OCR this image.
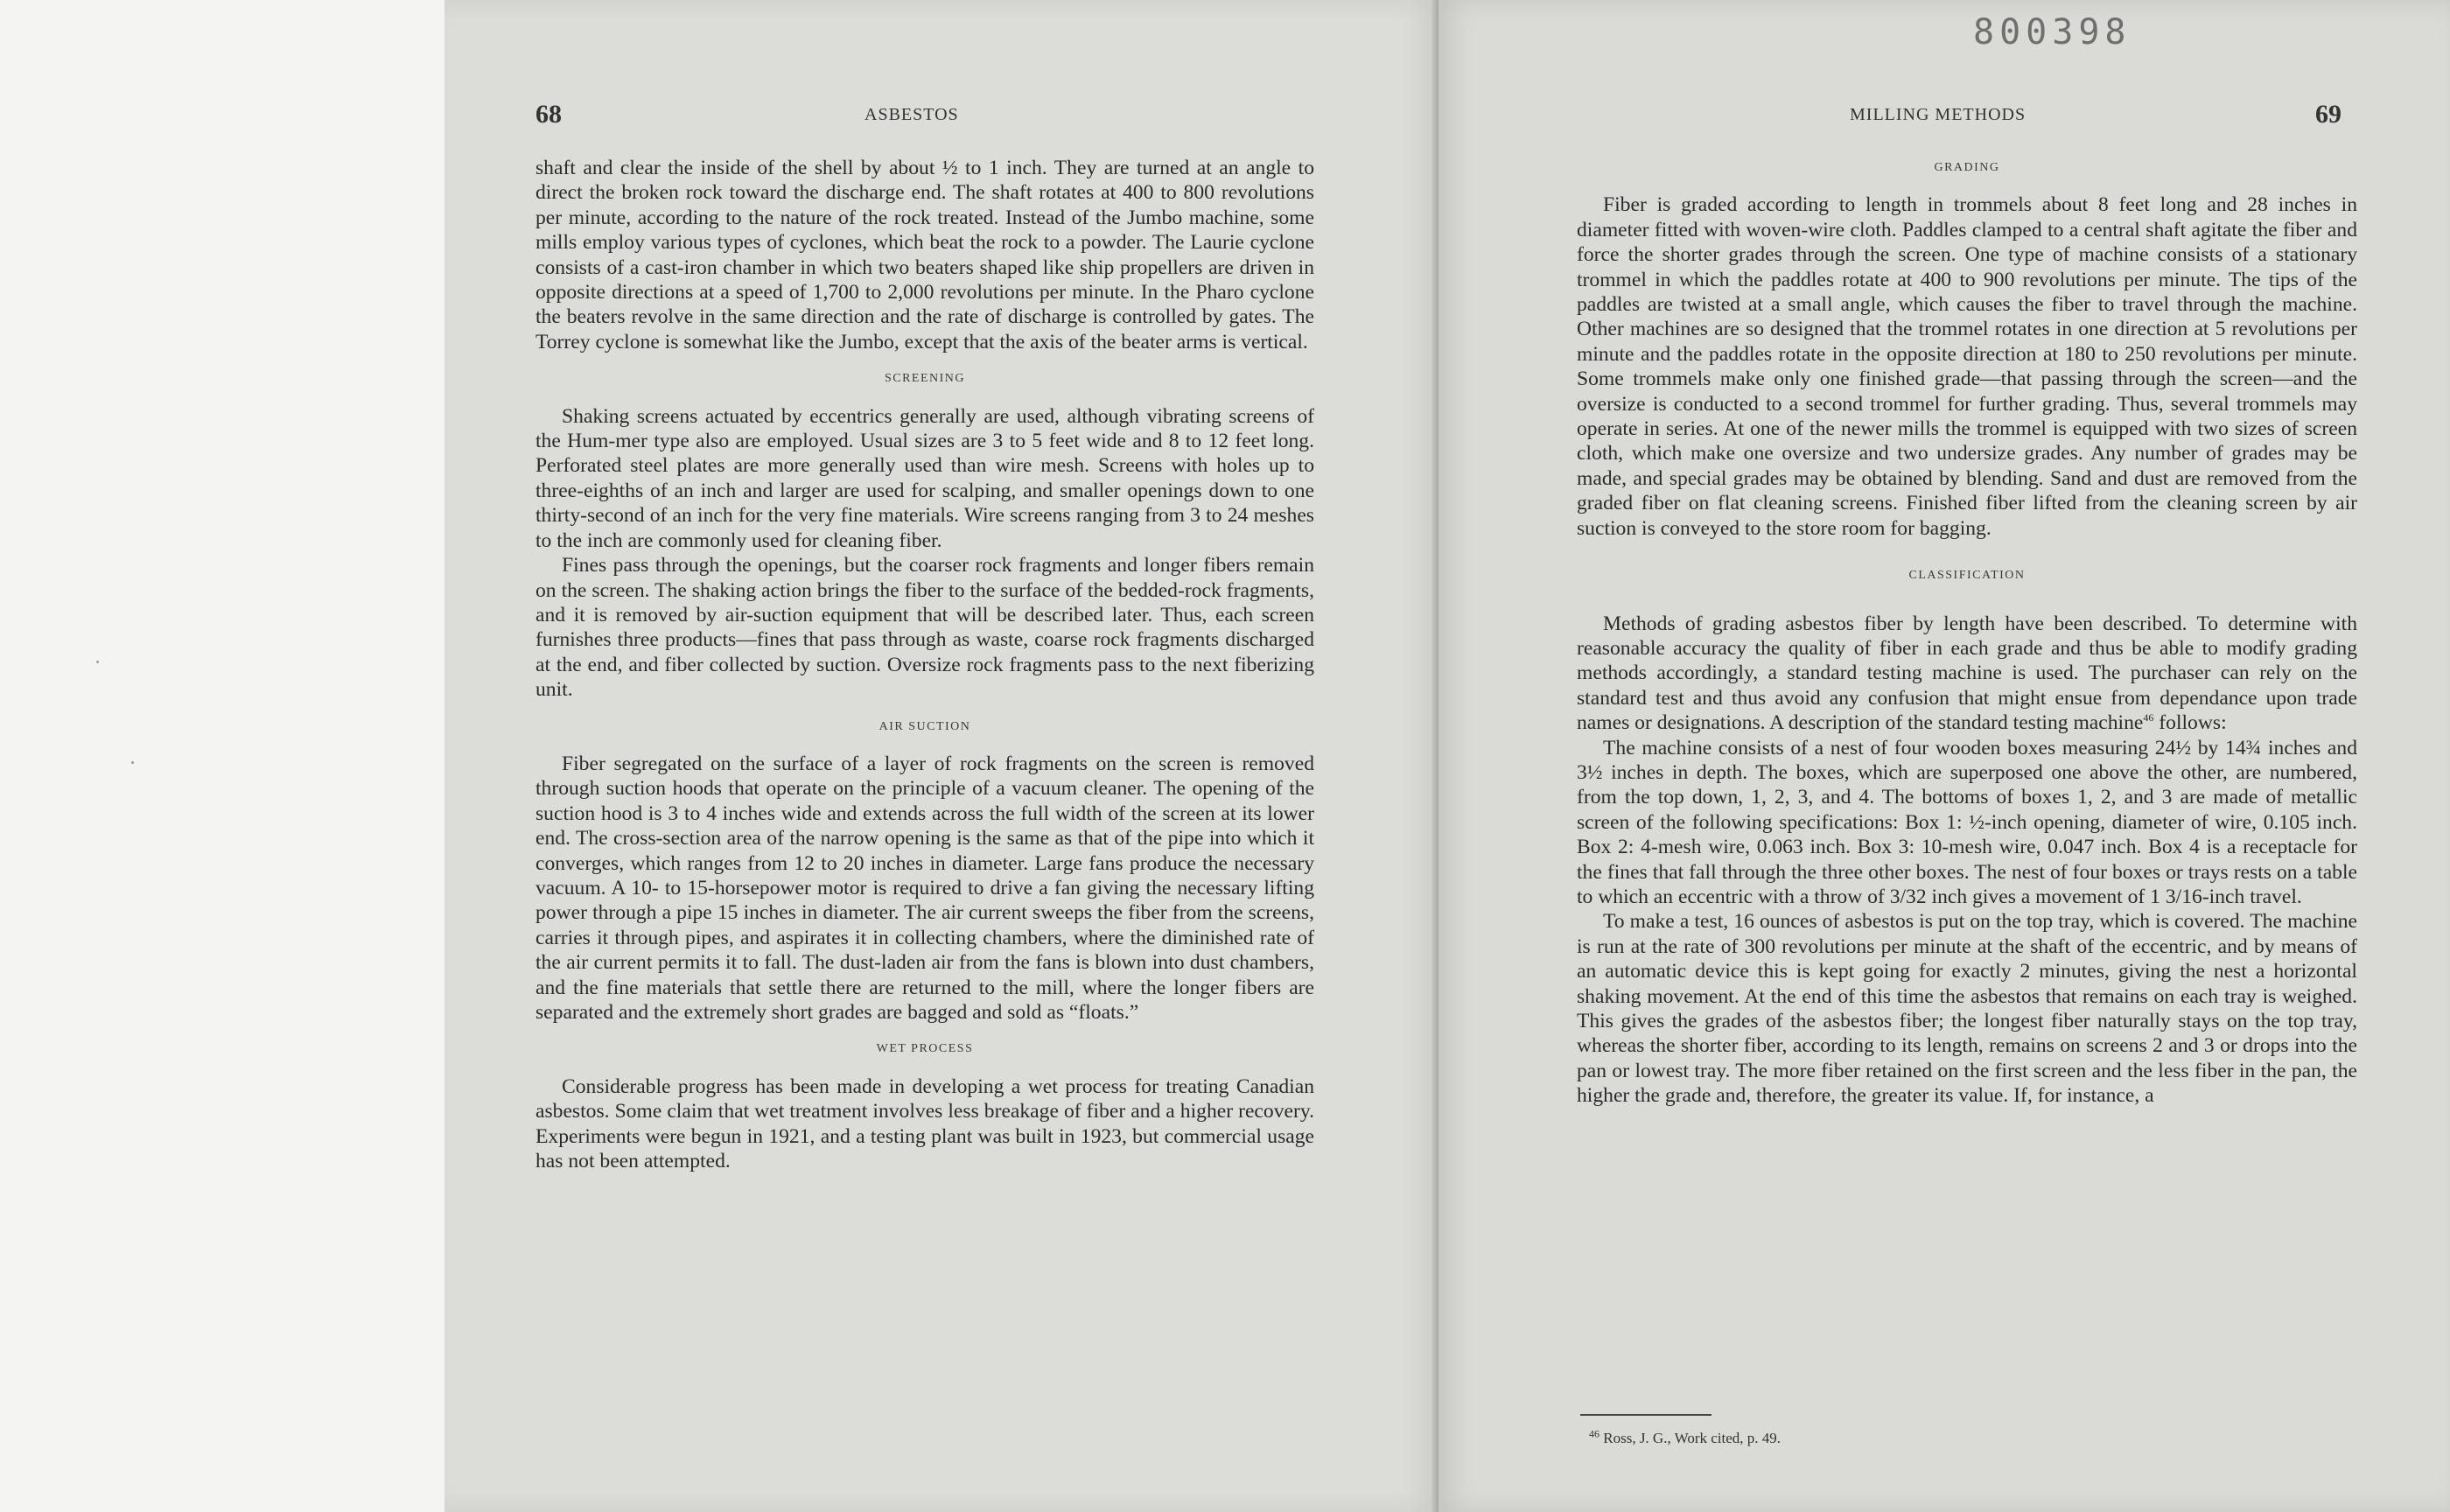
68	ASBESTOS

shaft and clear the inside of the shell by about ½ to 1 inch. They are turned at an angle to direct the broken rock toward the discharge end. The shaft rotates at 400 to 800 revolutions per minute, according to the nature of the rock treated. Instead of the Jumbo machine, some mills employ various types of cyclones, which beat the rock to a powder. The Laurie cyclone consists of a cast-iron chamber in which two beaters shaped like ship propellers are driven in opposite directions at a speed of 1,700 to 2,000 revolutions per minute. In the Pharo cyclone the beaters revolve in the same direction and the rate of discharge is controlled by gates. The Torrey cyclone is somewhat like the Jumbo, except that the axis of the beater arms is vertical.

SCREENING

Shaking screens actuated by eccentrics generally are used, although vibrating screens of the Hum-mer type also are employed. Usual sizes are 3 to 5 feet wide and 8 to 12 feet long. Perforated steel plates are more generally used than wire mesh. Screens with holes up to three-eighths of an inch and larger are used for scalping, and smaller openings down to one thirty-second of an inch for the very fine materials. Wire screens ranging from 3 to 24 meshes to the inch are commonly used for cleaning fiber.

Fines pass through the openings, but the coarser rock fragments and longer fibers remain on the screen. The shaking action brings the fiber to the surface of the bedded-rock fragments, and it is removed by air-suction equipment that will be described later. Thus, each screen furnishes three products—fines that pass through as waste, coarse rock fragments discharged at the end, and fiber collected by suction. Oversize rock fragments pass to the next fiberizing unit.

AIR SUCTION

Fiber segregated on the surface of a layer of rock fragments on the screen is removed through suction hoods that operate on the principle of a vacuum cleaner. The opening of the suction hood is 3 to 4 inches wide and extends across the full width of the screen at its lower end. The cross-section area of the narrow opening is the same as that of the pipe into which it converges, which ranges from 12 to 20 inches in diameter. Large fans produce the necessary vacuum. A 10- to 15-horsepower motor is required to drive a fan giving the necessary lifting power through a pipe 15 inches in diameter. The air current sweeps the fiber from the screens, carries it through pipes, and aspirates it in collecting chambers, where the diminished rate of the air current permits it to fall. The dust-laden air from the fans is blown into dust chambers, and the fine materials that settle there are returned to the mill, where the longer fibers are separated and the extremely short grades are bagged and sold as “floats.”

WET PROCESS

Considerable progress has been made in developing a wet process for treating Canadian asbestos. Some claim that wet treatment involves less breakage of fiber and a higher recovery. Experiments were begun in 1921, and a testing plant was built in 1923, but commercial usage has not been attempted.

MILLING METHODS	69
GRADING

Fiber is graded according to length in trommels about 8 feet long and 28 inches in diameter fitted with woven-wire cloth. Paddles clamped to a central shaft agitate the fiber and force the shorter grades through the screen. One type of machine consists of a stationary trommel in which the paddles rotate at 400 to 900 revolutions per minute. The tips of the paddles are twisted at a small angle, which causes the fiber to travel through the machine. Other machines are so designed that the trommel rotates in one direction at 5 revolutions per minute and the paddles rotate in the opposite direction at 180 to 250 revolutions per minute. Some trommels make only one finished grade—that passing through the screen—and the oversize is conducted to a second trommel for further grading. Thus, several trommels may operate in series. At one of the newer mills the trommel is equipped with two sizes of screen cloth, which make one oversize and two undersize grades. Any number of grades may be made, and special grades may be obtained by blending. Sand and dust are removed from the graded fiber on flat cleaning screens. Finished fiber lifted from the cleaning screen by air suction is conveyed to the store room for bagging.

CLASSIFICATION

Methods of grading asbestos fiber by length have been described. To determine with reasonable accuracy the quality of fiber in each grade and thus be able to modify grading methods accordingly, a standard testing machine is used. The purchaser can rely on the standard test and thus avoid any confusion that might ensue from dependance upon trade names or designations. A description of the standard testing machine$^{46}$ follows:

The machine consists of a nest of four wooden boxes measuring 24½ by 14¾ inches and 3½ inches in depth. The boxes, which are superposed one above the other, are numbered, from the top down, 1, 2, 3, and 4. The bottoms of boxes 1, 2, and 3 are made of metallic screen of the following specifications: Box 1: ½-inch opening, diameter of wire, 0.105 inch. Box 2: 4-mesh wire, 0.063 inch. Box 3: 10-mesh wire, 0.047 inch. Box 4 is a receptacle for the fines that fall through the three other boxes. The nest of four boxes or trays rests on a table to which an eccentric with a throw of 3/32 inch gives a movement of 1 3/16-inch travel.

To make a test, 16 ounces of asbestos is put on the top tray, which is covered. The machine is run at the rate of 300 revolutions per minute at the shaft of the eccentric, and by means of an automatic device this is kept going for exactly 2 minutes, giving the nest a horizontal shaking movement. At the end of this time the asbestos that remains on each tray is weighed. This gives the grades of the asbestos fiber; the longest fiber naturally stays on the top tray, whereas the shorter fiber, according to its length, remains on screens 2 and 3 or drops into the pan or lowest tray. The more fiber retained on the first screen and the less fiber in the pan, the higher the grade and, therefore, the greater its value. If, for instance, a

$^{46}$ Ross, J. G., Work cited, p. 49.
800398
